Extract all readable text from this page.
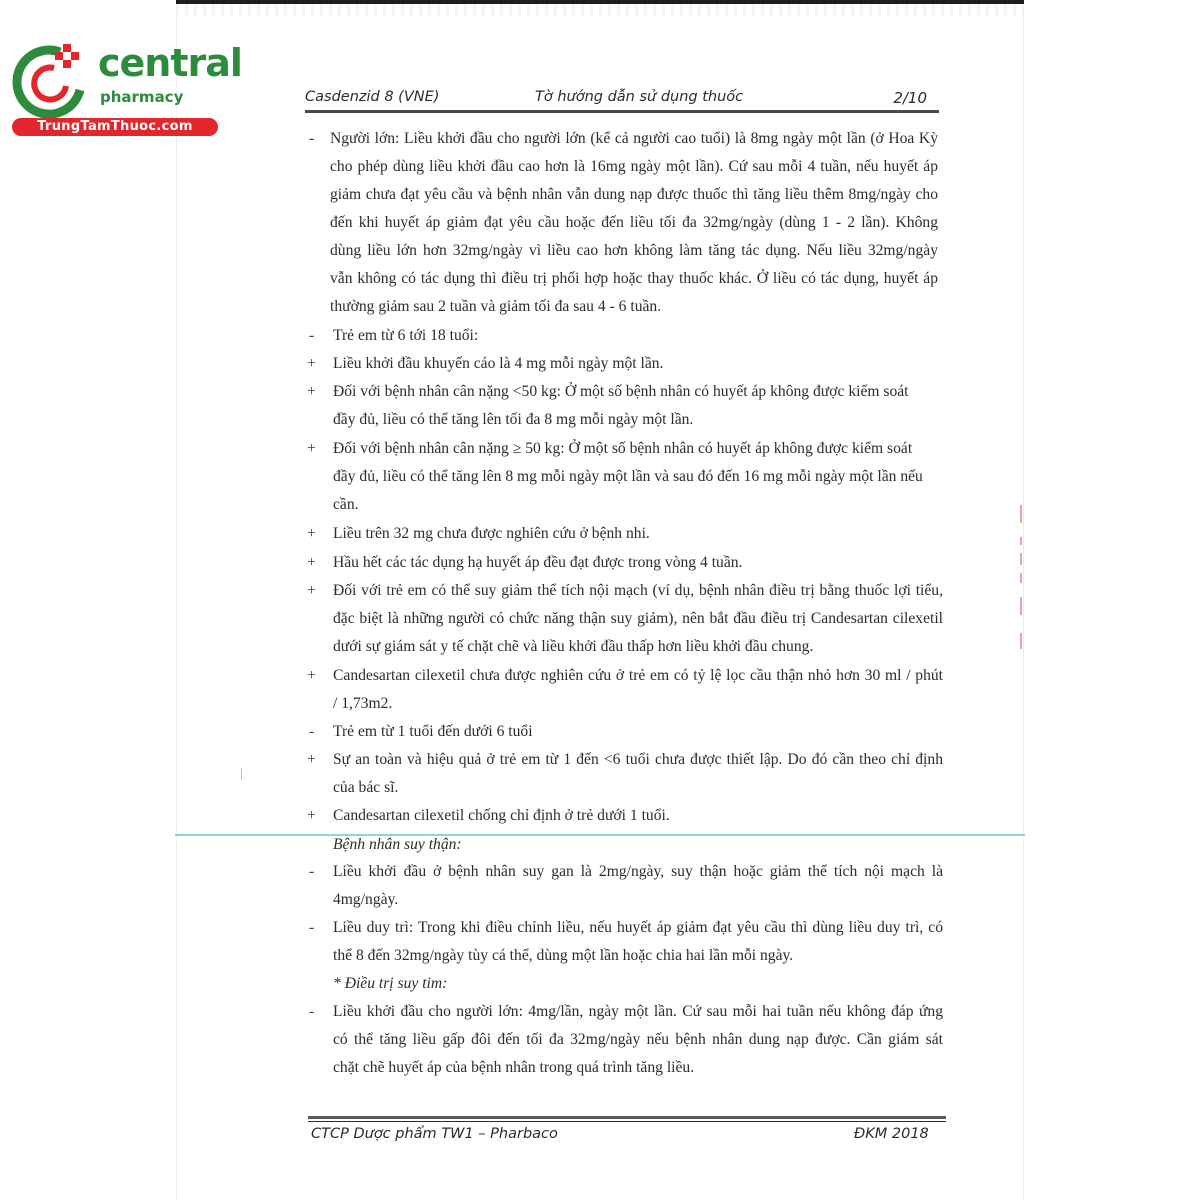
central
pharmacy
TrungTamThuoc.com
Casdenzid 8 (VNE)	Tờ hướng dẫn sử dụng thuốc	2/10
- Người lớn: Liều khởi đầu cho người lớn (kể cả người cao tuổi) là 8mg ngày một lần (ở Hoa Kỳ
cho phép dùng liều khởi đầu cao hơn là 16mg ngày một lần). Cứ sau mỗi 4 tuần, nếu huyết áp
giảm chưa đạt yêu cầu và bệnh nhân vẫn dung nạp được thuốc thì tăng liều thêm 8mg/ngày cho
đến khi huyết áp giảm đạt yêu cầu hoặc đến liều tối đa 32mg/ngày (dùng 1 - 2 lần). Không
dùng liều lớn hơn 32mg/ngày vì liều cao hơn không làm tăng tác dụng. Nếu liều 32mg/ngày
vẫn không có tác dụng thì điều trị phối hợp hoặc thay thuốc khác. Ở liều có tác dụng, huyết áp
thường giảm sau 2 tuần và giảm tối đa sau 4 - 6 tuần.
- Trẻ em từ 6 tới 18 tuổi:
+ Liều khởi đầu khuyến cáo là 4 mg mỗi ngày một lần.
+ Đối với bệnh nhân cân nặng <50 kg: Ở một số bệnh nhân có huyết áp không được kiểm soát
đầy đủ, liều có thể tăng lên tối đa 8 mg mỗi ngày một lần.
+ Đối với bệnh nhân cân nặng ≥ 50 kg: Ở một số bệnh nhân có huyết áp không được kiểm soát
đầy đủ, liều có thể tăng lên 8 mg mỗi ngày một lần và sau đó đến 16 mg mỗi ngày một lần nếu
cần.
+ Liều trên 32 mg chưa được nghiên cứu ở bệnh nhi.
+ Hầu hết các tác dụng hạ huyết áp đều đạt được trong vòng 4 tuần.
+ Đối với trẻ em có thể suy giảm thể tích nội mạch (ví dụ, bệnh nhân điều trị bằng thuốc lợi tiểu,
đặc biệt là những người có chức năng thận suy giảm), nên bắt đầu điều trị Candesartan cilexetil
dưới sự giám sát y tế chặt chẽ và liều khởi đầu thấp hơn liều khởi đầu chung.
+ Candesartan cilexetil chưa được nghiên cứu ở trẻ em có tỷ lệ lọc cầu thận nhỏ hơn 30 ml / phút
/ 1,73m2.
- Trẻ em từ 1 tuổi đến dưới 6 tuổi
+ Sự an toàn và hiệu quả ở trẻ em từ 1 đến <6 tuổi chưa được thiết lập. Do đó cần theo chỉ định
của bác sĩ.
+ Candesartan cilexetil chống chỉ định ở trẻ dưới 1 tuổi.
Bệnh nhân suy thận:
- Liều khởi đầu ở bệnh nhân suy gan là 2mg/ngày, suy thận hoặc giảm thể tích nội mạch là
4mg/ngày.
- Liều duy trì: Trong khi điều chỉnh liều, nếu huyết áp giảm đạt yêu cầu thì dùng liều duy trì, có
thể 8 đến 32mg/ngày tùy cá thể, dùng một lần hoặc chia hai lần mỗi ngày.
* Điều trị suy tim:
- Liều khởi đầu cho người lớn: 4mg/lần, ngày một lần. Cứ sau mỗi hai tuần nếu không đáp ứng
có thể tăng liều gấp đôi đến tối đa 32mg/ngày nếu bệnh nhân dung nạp được. Cần giám sát
chặt chẽ huyết áp của bệnh nhân trong quá trình tăng liều.
CTCP Dược phẩm TW1 – Pharbaco	ĐKM 2018
